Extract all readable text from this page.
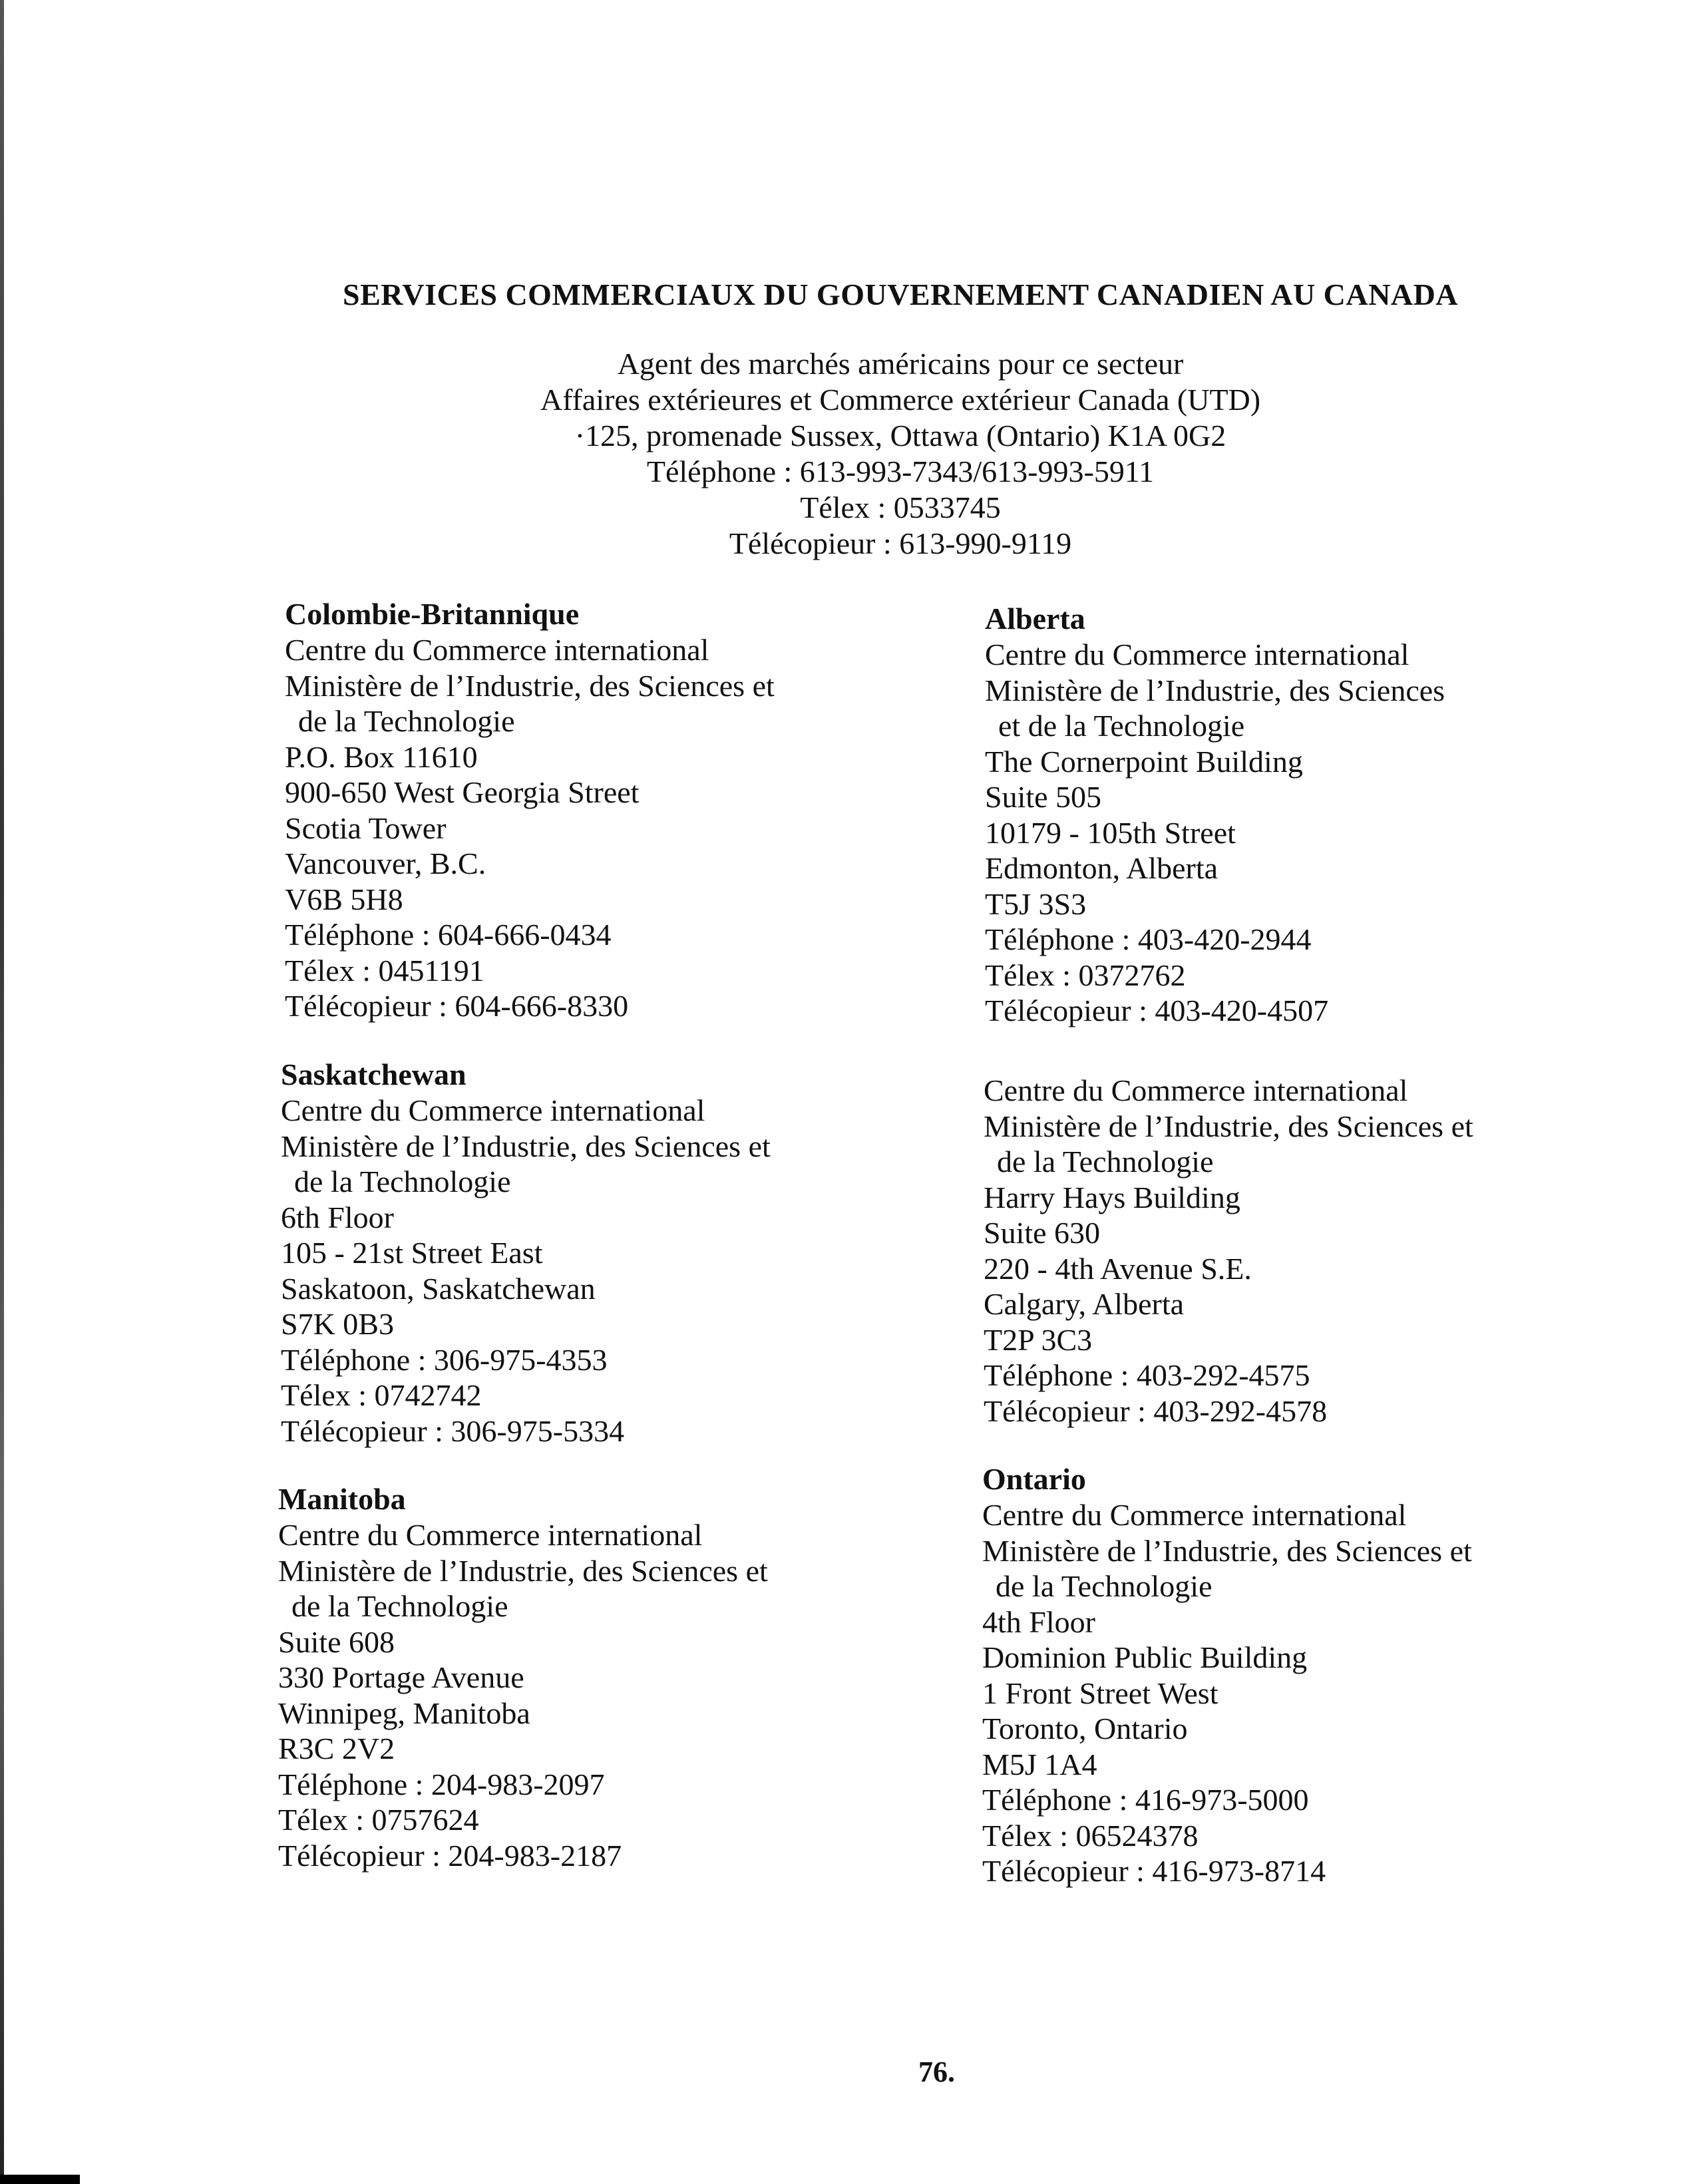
SERVICES COMMERCIAUX DU GOUVERNEMENT CANADIEN AU CANADA
Agent des marchés américains pour ce secteur
Affaires extérieures et Commerce extérieur Canada (UTD)
·125, promenade Sussex, Ottawa (Ontario) K1A 0G2
Téléphone : 613-993-7343/613-993-5911
Télex : 0533745
Télécopieur : 613-990-9119
Colombie-Britannique
Centre du Commerce international
Ministère de l’Industrie, des Sciences et
de la Technologie
P.O. Box 11610
900-650 West Georgia Street
Scotia Tower
Vancouver, B.C.
V6B 5H8
Téléphone : 604-666-0434
Télex : 0451191
Télécopieur : 604-666-8330
Saskatchewan
Centre du Commerce international
Ministère de l’Industrie, des Sciences et
de la Technologie
6th Floor
105 - 21st Street East
Saskatoon, Saskatchewan
S7K 0B3
Téléphone : 306-975-4353
Télex : 0742742
Télécopieur : 306-975-5334
Manitoba
Centre du Commerce international
Ministère de l’Industrie, des Sciences et
de la Technologie
Suite 608
330 Portage Avenue
Winnipeg, Manitoba
R3C 2V2
Téléphone : 204-983-2097
Télex : 0757624
Télécopieur : 204-983-2187
Alberta
Centre du Commerce international
Ministère de l’Industrie, des Sciences
et de la Technologie
The Cornerpoint Building
Suite 505
10179 - 105th Street
Edmonton, Alberta
T5J 3S3
Téléphone : 403-420-2944
Télex : 0372762
Télécopieur : 403-420-4507
Centre du Commerce international
Ministère de l’Industrie, des Sciences et
de la Technologie
Harry Hays Building
Suite 630
220 - 4th Avenue S.E.
Calgary, Alberta
T2P 3C3
Téléphone : 403-292-4575
Télécopieur : 403-292-4578
Ontario
Centre du Commerce international
Ministère de l’Industrie, des Sciences et
de la Technologie
4th Floor
Dominion Public Building
1 Front Street West
Toronto, Ontario
M5J 1A4
Téléphone : 416-973-5000
Télex : 06524378
Télécopieur : 416-973-8714
76.
